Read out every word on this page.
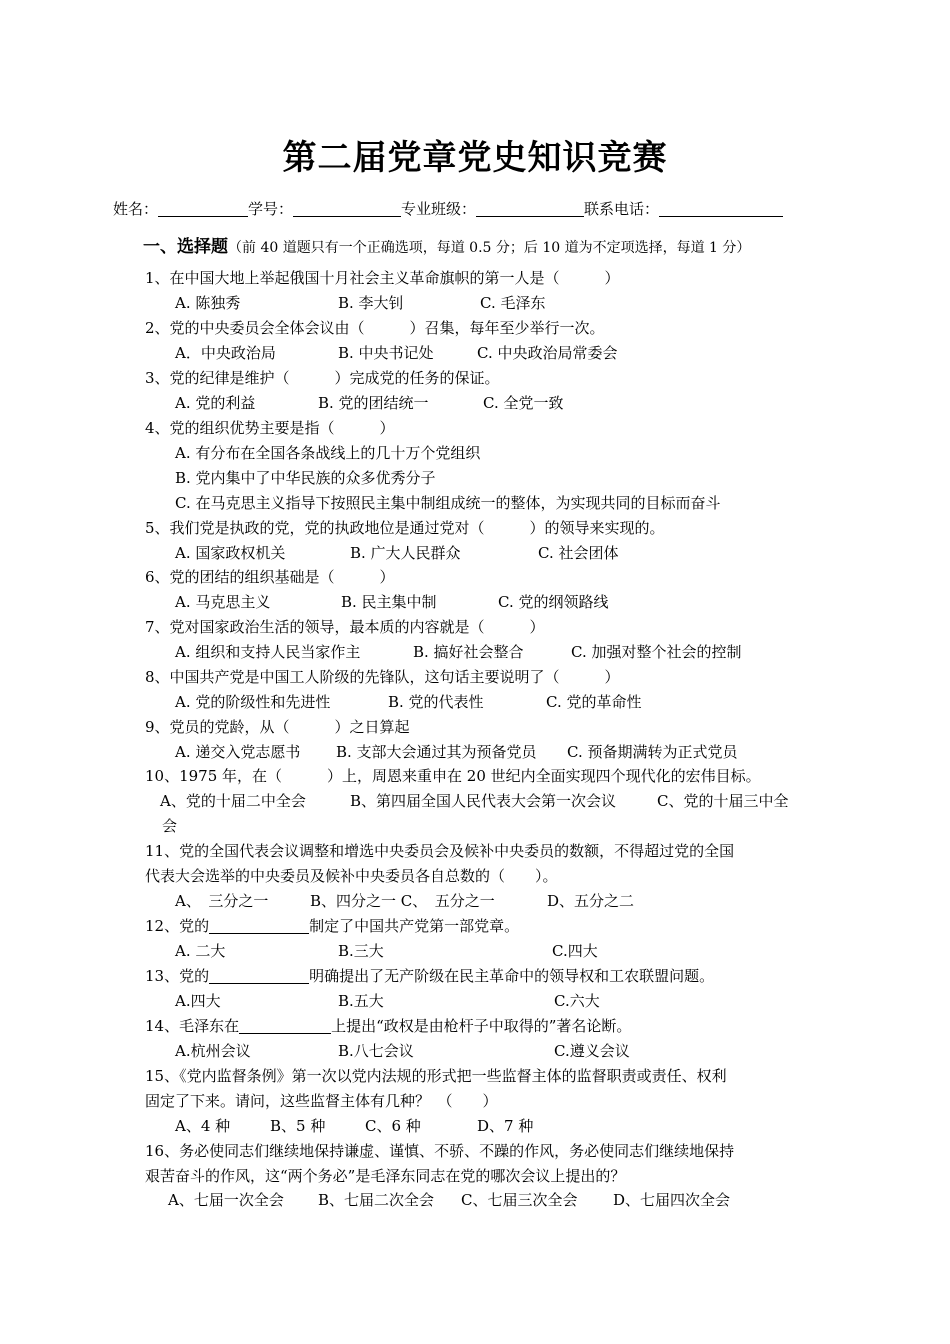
第二届党章党史知识竞赛
姓名：	学号：	专业班级：	联系电话：
一、选择题（前 40 道题只有一个正确选项，每道 0.5 分；后 10 道为不定项选择，每道 1 分）
1、在中国大地上举起俄国十月社会主义革命旗帜的第一人是（　　　）
A. 陈独秀	B. 李大钊	C. 毛泽东
2、党的中央委员会全体会议由（　　　）召集，每年至少举行一次。
A．中央政治局	B. 中央书记处	C. 中央政治局常委会
3、党的纪律是维护（　　　）完成党的任务的保证。
A. 党的利益	B. 党的团结统一	C. 全党一致
4、党的组织优势主要是指（　　　）
A. 有分布在全国各条战线上的几十万个党组织
B. 党内集中了中华民族的众多优秀分子
C. 在马克思主义指导下按照民主集中制组成统一的整体，为实现共同的目标而奋斗
5、我们党是执政的党，党的执政地位是通过党对（　　　）的领导来实现的。
A. 国家政权机关	B. 广大人民群众	C. 社会团体
6、党的团结的组织基础是（　　　）
A. 马克思主义	B. 民主集中制	C. 党的纲领路线
7、党对国家政治生活的领导，最本质的内容就是（　　　）
A. 组织和支持人民当家作主	B. 搞好社会整合	C. 加强对整个社会的控制
8、中国共产党是中国工人阶级的先锋队，这句话主要说明了（　　　）
A. 党的阶级性和先进性	B. 党的代表性	C. 党的革命性
9、党员的党龄，从（　　　）之日算起
A. 递交入党志愿书 B. 支部大会通过其为预备党员 C. 预备期满转为正式党员
10、1975 年，在（　　　）上，周恩来重申在 20 世纪内全面实现四个现代化的宏伟目标。
A、党的十届二中全会	B、第四届全国人民代表大会第一次会议	C、党的十届三中全
会
11、党的全国代表会议调整和增选中央委员会及候补中央委员的数额，不得超过党的全国
代表大会选举的中央委员及候补中央委员各自总数的（　　）。
A、　三分之一	B、四分之一 C、　五分之一	D、五分之二
12、党的	制定了中国共产党第一部党章。
A. 二大	B.三大	C.四大
13、党的	明确提出了无产阶级在民主革命中的领导权和工农联盟问题。
A.四大	B.五大	C.六大
14、毛泽东在	上提出“政权是由枪杆子中取得的”著名论断。
A.杭州会议	B.八七会议	C.遵义会议
15、《党内监督条例》第一次以党内法规的形式把一些监督主体的监督职责或责任、权利
固定了下来。请问，这些监督主体有几种？　（　　）
A、4 种	B、5 种	C、6 种	D、7 种
16、务必使同志们继续地保持谦虚、谨慎、不骄、不躁的作风，务必使同志们继续地保持
艰苦奋斗的作风，这“两个务必”是毛泽东同志在党的哪次会议上提出的？
A、七届一次全会 B、七届二次全会 C、七届三次全会 D、七届四次全会
